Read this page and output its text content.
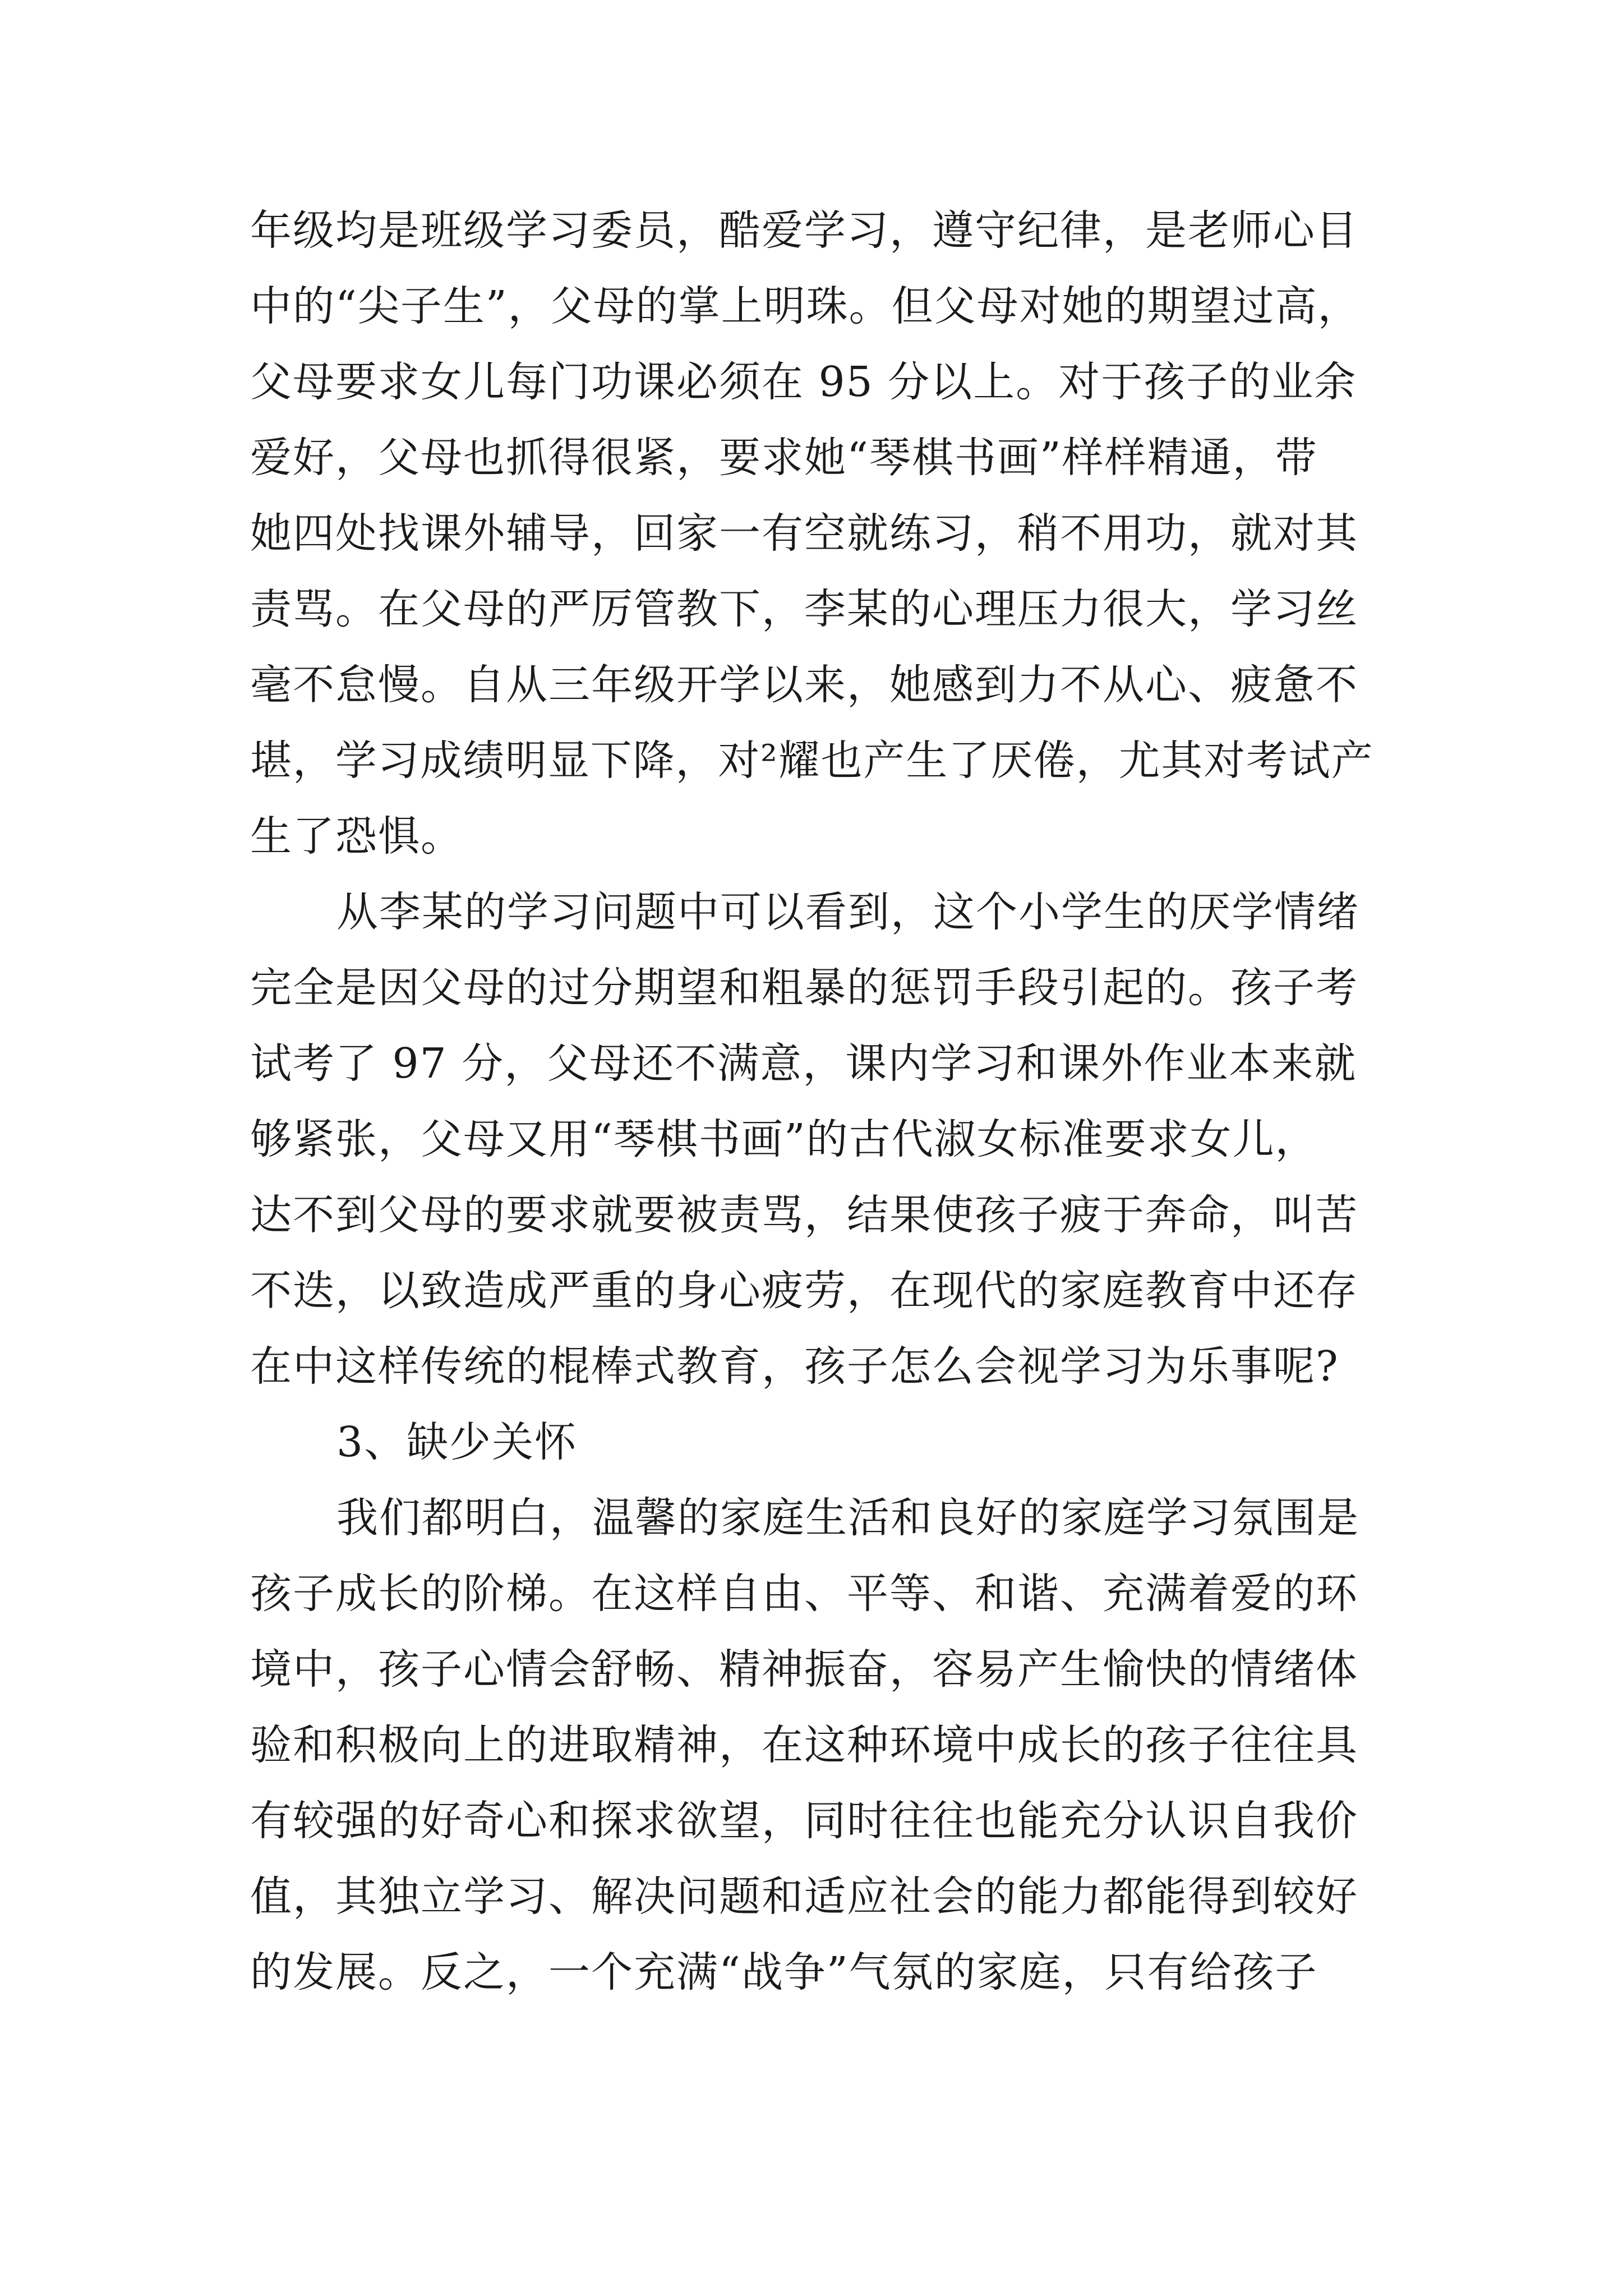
年级均是班级学习委员，酷爱学习，遵守纪律，是老师心目
中的“尖子生”，父母的掌上明珠。但父母对她的期望过高，
父母要求女儿每门功课必须在 95 分以上。对于孩子的业余
爱好，父母也抓得很紧，要求她“琴棋书画”样样精通，带
她四处找课外辅导，回家一有空就练习，稍不用功，就对其
责骂。在父母的严厉管教下，李某的心理压力很大，学习丝
毫不怠慢。自从三年级开学以来，她感到力不从心、疲惫不
堪，学习成绩明显下降，对²耀也产生了厌倦，尤其对考试产
生了恐惧。
从李某的学习问题中可以看到，这个小学生的厌学情绪
完全是因父母的过分期望和粗暴的惩罚手段引起的。孩子考
试考了 97 分，父母还不满意，课内学习和课外作业本来就
够紧张，父母又用“琴棋书画”的古代淑女标准要求女儿，
达不到父母的要求就要被责骂，结果使孩子疲于奔命，叫苦
不迭，以致造成严重的身心疲劳，在现代的家庭教育中还存
在中这样传统的棍棒式教育，孩子怎么会视学习为乐事呢?
3、缺少关怀
我们都明白，温馨的家庭生活和良好的家庭学习氛围是
孩子成长的阶梯。在这样自由、平等、和谐、充满着爱的环
境中，孩子心情会舒畅、精神振奋，容易产生愉快的情绪体
验和积极向上的进取精神，在这种环境中成长的孩子往往具
有较强的好奇心和探求欲望，同时往往也能充分认识自我价
值，其独立学习、解决问题和适应社会的能力都能得到较好
的发展。反之，一个充满“战争”气氛的家庭，只有给孩子
